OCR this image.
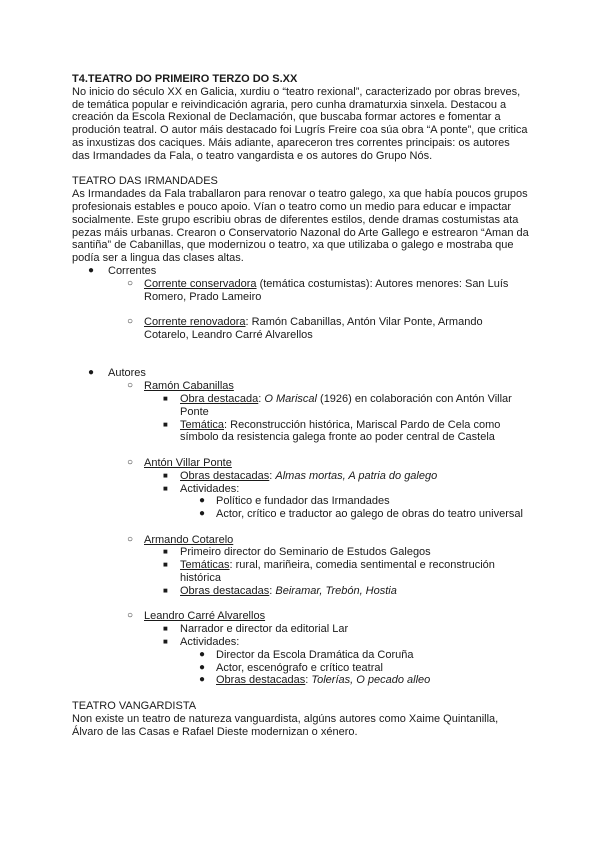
T4.TEATRO DO PRIMEIRO TERZO DO S.XX

No inicio do século XX en Galicia, xurdiu o “teatro rexional”, caracterizado por obras breves, de temática popular e reivindicación agraria, pero cunha dramaturxia sinxela. Destacou a creación da Escola Rexional de Declamación, que buscaba formar actores e fomentar a produción teatral. O autor máis destacado foi Lugrís Freire coa súa obra “A ponte”, que critica as inxustizas dos caciques. Máis adiante, apareceron tres correntes principais: os autores das Irmandades da Fala, o teatro vangardista e os autores do Grupo Nós.

TEATRO DAS IRMANDADES

As Irmandades da Fala traballaron para renovar o teatro galego, xa que había poucos grupos profesionais estables e pouco apoio. Vían o teatro como un medio para educar e impactar socialmente. Este grupo escribiu obras de diferentes estilos, dende dramas costumistas ata pezas máis urbanas. Crearon o Conservatorio Nazonal do Arte Gallego e estrearon “Aman da santiña” de Cabanillas, que modernizou o teatro, xa que utilizaba o galego e mostraba que podía ser a lingua das clases altas.

● Correntes
○ Corrente conservadora (temática costumistas): Autores menores: San Luís Romero, Prado Lameiro
○ Corrente renovadora: Ramón Cabanillas, Antón Vilar Ponte, Armando Cotarelo, Leandro Carré Alvarellos
● Autores
○ Ramón Cabanillas
■ Obra destacada: O Mariscal (1926) en colaboración con Antón Villar Ponte
■ Temática: Reconstrucción histórica, Mariscal Pardo de Cela como símbolo da resistencia galega fronte ao poder central de Castela
○ Antón Villar Ponte
■ Obras destacadas: Almas mortas, A patria do galego
■ Actividades:
● Político e fundador das Irmandades
● Actor, crítico e traductor ao galego de obras do teatro universal
○ Armando Cotarelo
■ Primeiro director do Seminario de Estudos Galegos
■ Temáticas: rural, mariñeira, comedia sentimental e reconstrución histórica
■ Obras destacadas: Beiramar, Trebón, Hostia
○ Leandro Carré Alvarellos
■ Narrador e director da editorial Lar
■ Actividades:
● Director da Escola Dramática da Coruña
● Actor, escenógrafo e crítico teatral
● Obras destacadas: Tolerías, O pecado alleo

TEATRO VANGARDISTA

Non existe un teatro de natureza vanguardista, algúns autores como Xaime Quintanilla, Álvaro de las Casas e Rafael Dieste modernizan o xénero.
